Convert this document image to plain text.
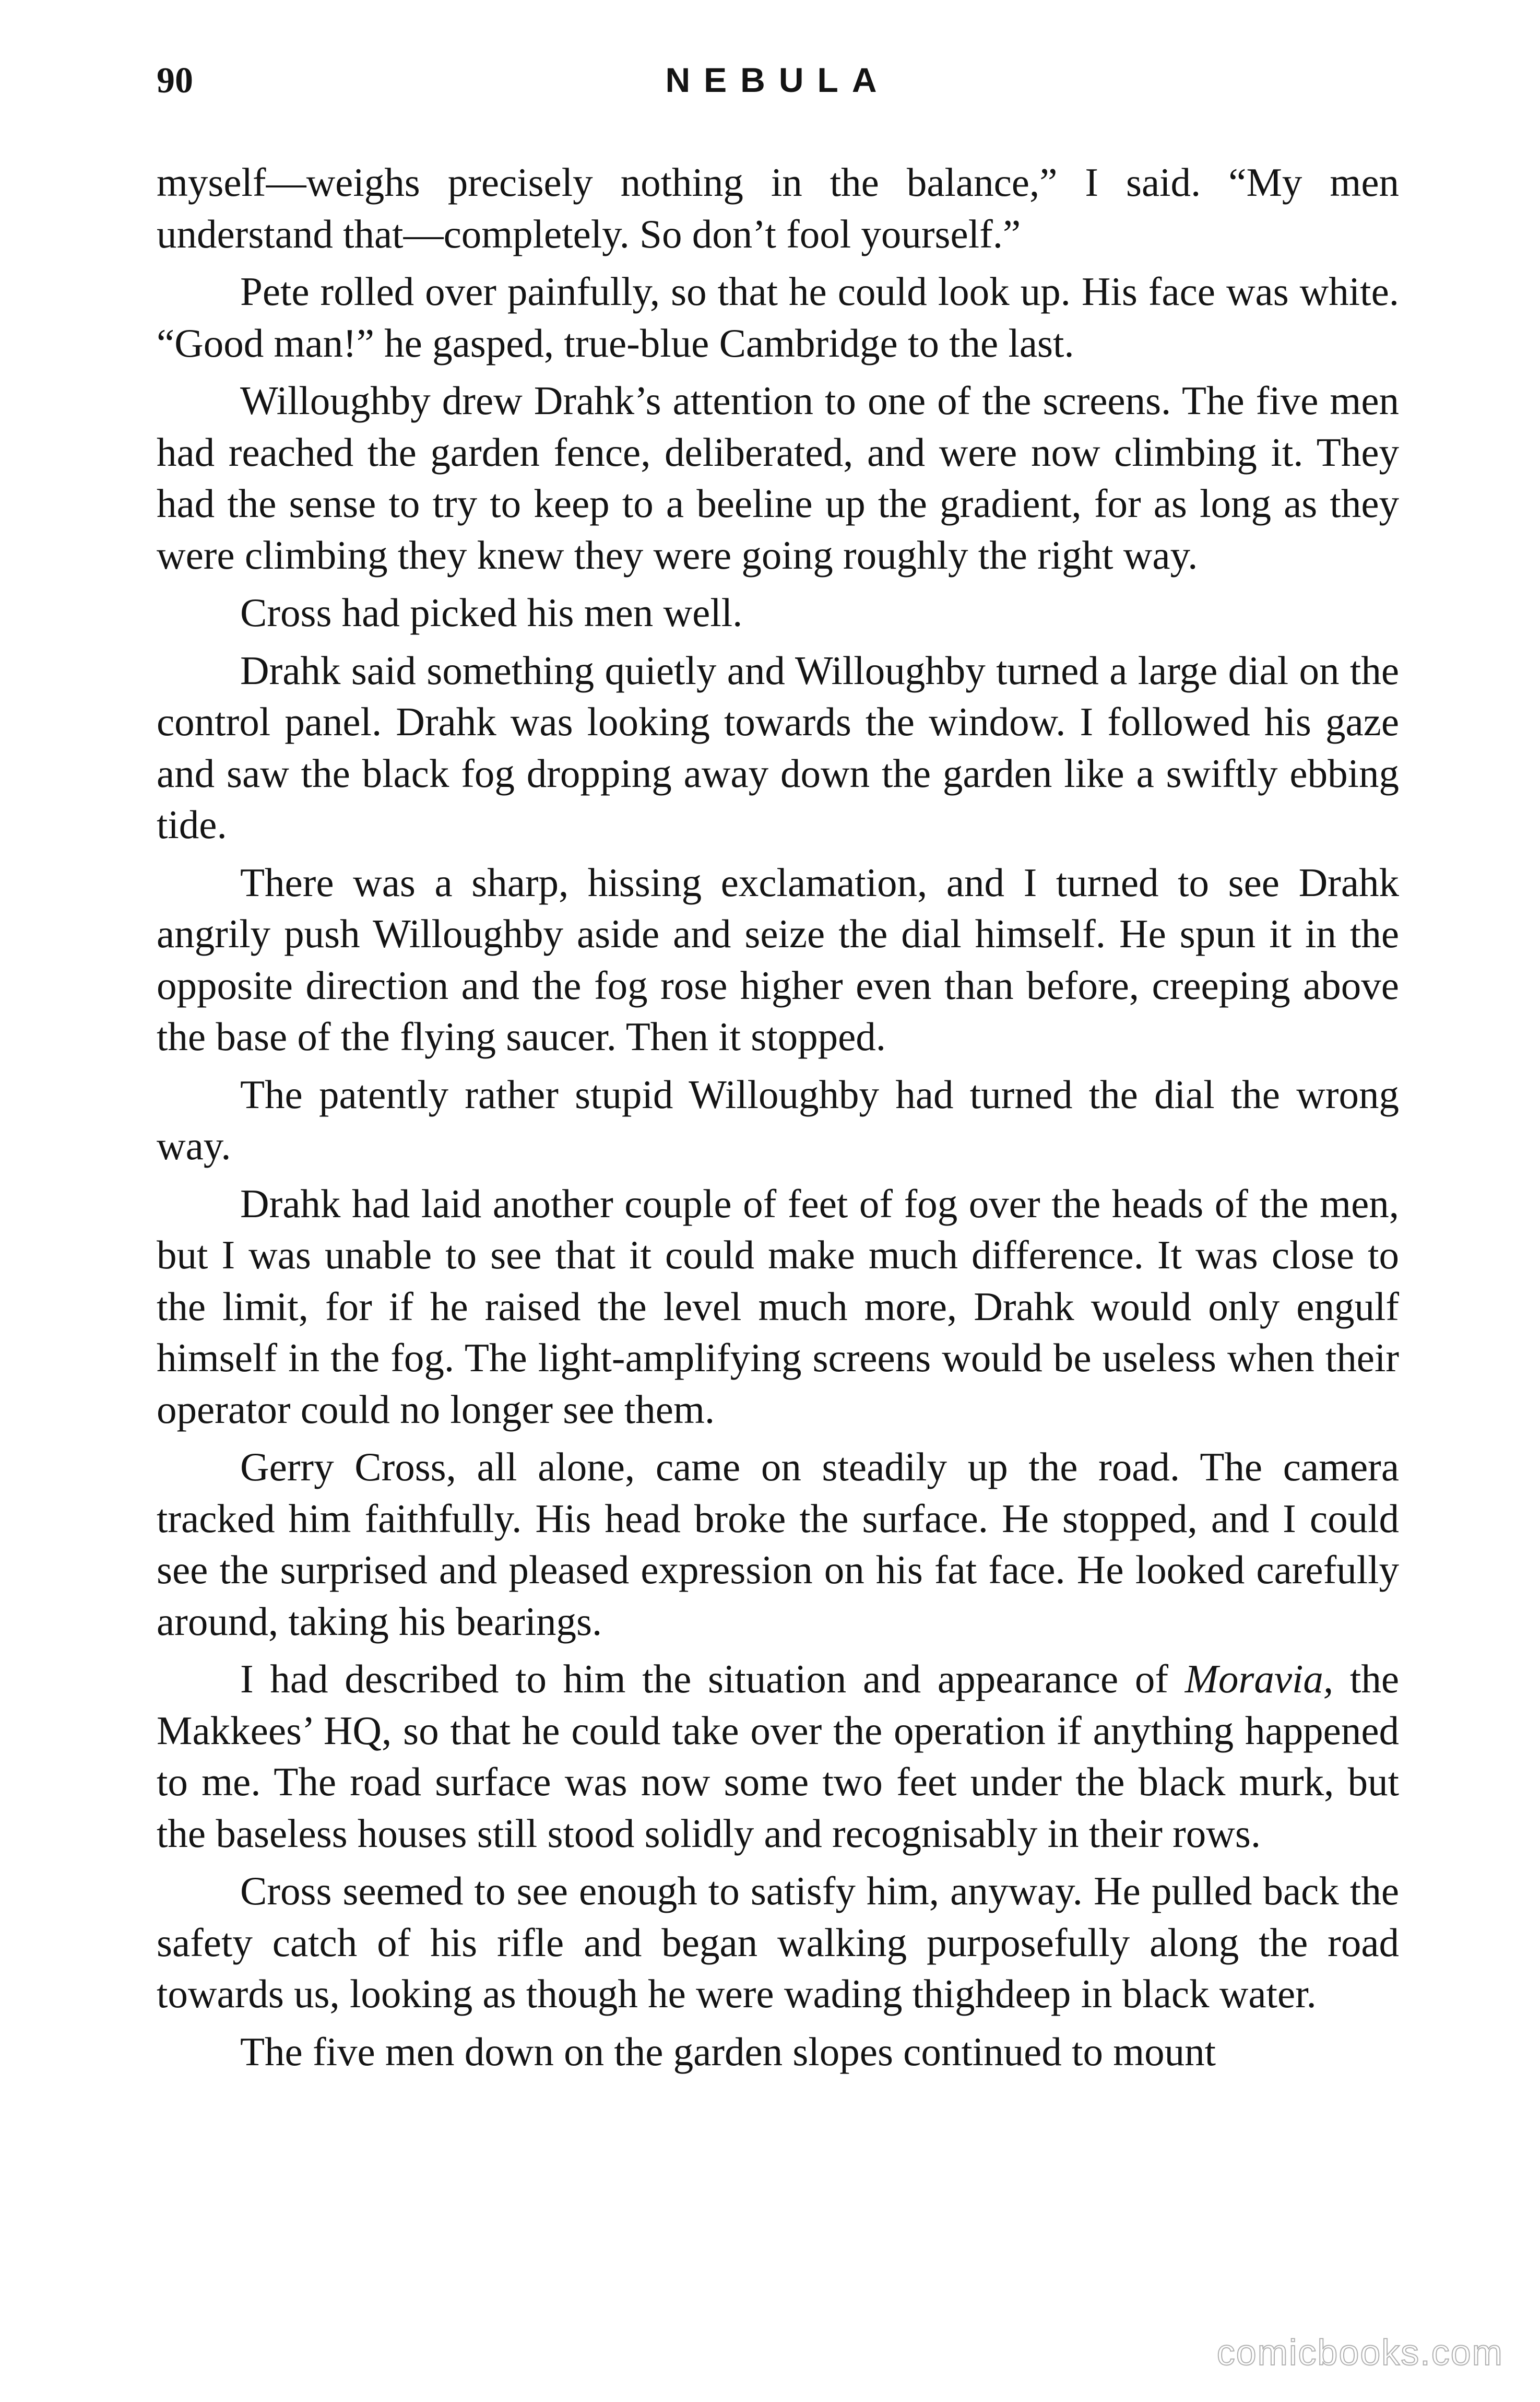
90	NEBULA

myself—weighs precisely nothing in the balance,” I said. “My men understand that—completely. So don’t fool yourself.”

Pete rolled over painfully, so that he could look up. His face was white. “Good man!” he gasped, true-blue Cambridge to the last.

Willoughby drew Drahk’s attention to one of the screens. The five men had reached the garden fence, deliberated, and were now climbing it. They had the sense to try to keep to a beeline up the gradient, for as long as they were climbing they knew they were going roughly the right way.

Cross had picked his men well.

Drahk said something quietly and Willoughby turned a large dial on the control panel. Drahk was looking towards the window. I followed his gaze and saw the black fog dropping away down the garden like a swiftly ebbing tide.

There was a sharp, hissing exclamation, and I turned to see Drahk angrily push Willoughby aside and seize the dial himself. He spun it in the opposite direction and the fog rose higher even than before, creeping above the base of the flying saucer. Then it stopped.

The patently rather stupid Willoughby had turned the dial the wrong way.

Drahk had laid another couple of feet of fog over the heads of the men, but I was unable to see that it could make much difference. It was close to the limit, for if he raised the level much more, Drahk would only engulf himself in the fog. The light-amplifying screens would be useless when their operator could no longer see them.

Gerry Cross, all alone, came on steadily up the road. The camera tracked him faithfully. His head broke the surface. He stopped, and I could see the surprised and pleased expression on his fat face. He looked carefully around, taking his bearings.

I had described to him the situation and appearance of Moravia, the Makkees’ HQ, so that he could take over the operation if anything happened to me. The road surface was now some two feet under the black murk, but the baseless houses still stood solidly and recognisably in their rows.

Cross seemed to see enough to satisfy him, anyway. He pulled back the safety catch of his rifle and began walking purposefully along the road towards us, looking as though he were wading thighdeep in black water.

The five men down on the garden slopes continued to mount

comicbooks.com
